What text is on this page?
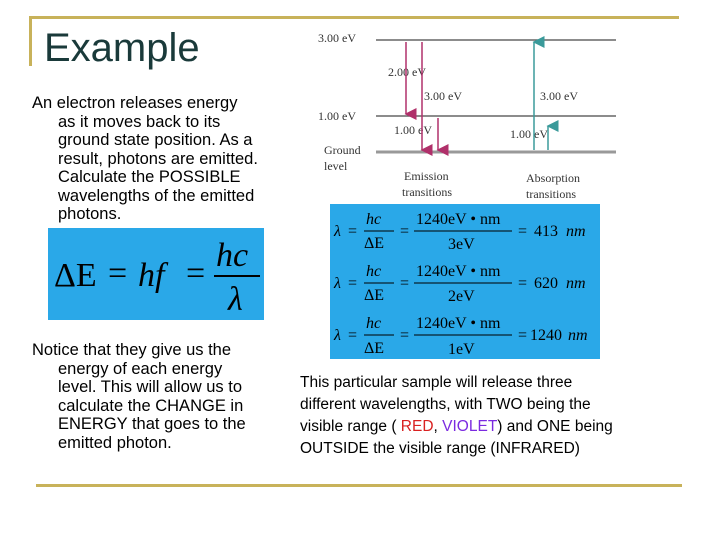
Example

An electron releases energy
as it moves back to its
ground state position. As a
result, photons are emitted.
Calculate the POSSIBLE
wavelengths of the emitted
photons.

ΔE = hf = hc
λ

Notice that they give us the
energy of each energy
level. This will allow us to
calculate the CHANGE in
ENERGY that goes to the
emitted photon.

3.00 eV
2.00 eV
1.00 eV
Ground
level
3.00 eV
1.00 eV
3.00 eV
1.00 eV
Emission
transitions
Absorption
transitions
λ =
hc
ΔE
=
1240eV • nm
3eV
= 413 nm
λ =
hc
ΔE
=
1240eV • nm
2eV
= 620 nm
λ =
hc
ΔE
=
1240eV • nm
1eV
= 1240 nm

This particular sample will release three different wavelengths, with TWO being the visible range ( RED, VIOLET) and ONE being OUTSIDE the visible range (INFRARED)
